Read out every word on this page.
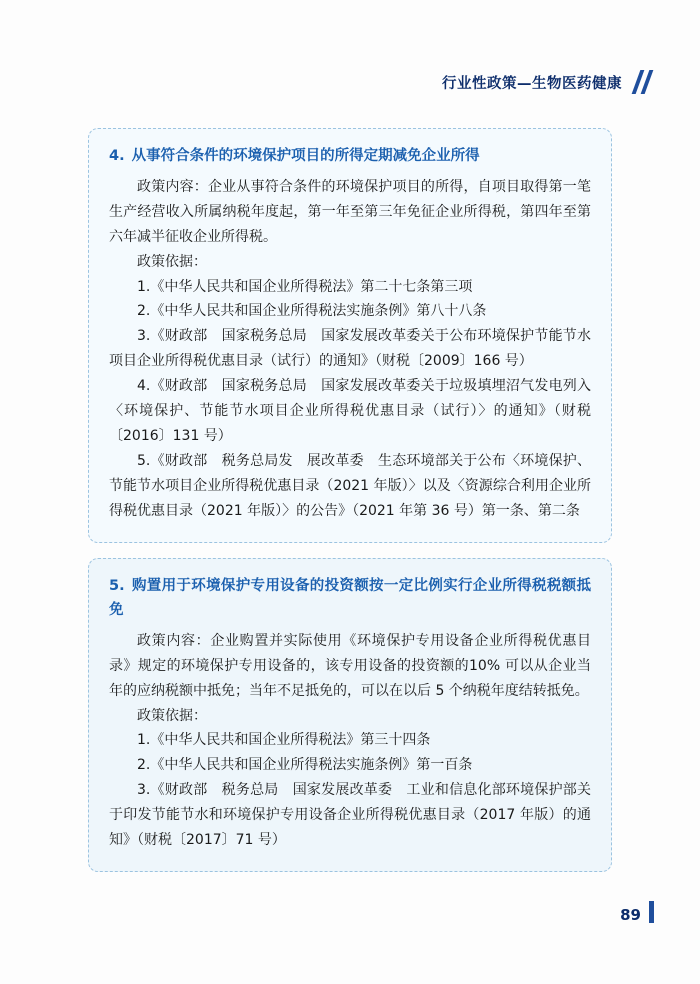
行业性政策—生物医药健康

4. 从事符合条件的环境保护项目的所得定期减免企业所得

政策内容：企业从事符合条件的环境保护项目的所得，自项目取得第一笔生产经营收入所属纳税年度起，第一年至第三年免征企业所得税，第四年至第六年减半征收企业所得税。

政策依据：

1.《中华人民共和国企业所得税法》第二十七条第三项

2.《中华人民共和国企业所得税法实施条例》第八十八条

3.《财政部　国家税务总局　国家发展改革委关于公布环境保护节能节水项目企业所得税优惠目录（试行）的通知》（财税〔2009〕166 号）

4.《财政部　国家税务总局　国家发展改革委关于垃圾填埋沼气发电列入〈环境保护、节能节水项目企业所得税优惠目录（试行）〉的通知》（财税〔2016〕131 号）

5.《财政部　税务总局发　展改革委　生态环境部关于公布〈环境保护、节能节水项目企业所得税优惠目录（2021 年版）〉以及〈资源综合利用企业所得税优惠目录（2021 年版）〉的公告》（2021 年第 36 号）第一条、第二条

5. 购置用于环境保护专用设备的投资额按一定比例实行企业所得税税额抵免

政策内容：企业购置并实际使用《环境保护专用设备企业所得税优惠目录》规定的环境保护专用设备的，该专用设备的投资额的10% 可以从企业当年的应纳税额中抵免；当年不足抵免的，可以在以后 5 个纳税年度结转抵免。

政策依据：

1.《中华人民共和国企业所得税法》第三十四条

2.《中华人民共和国企业所得税法实施条例》第一百条

3.《财政部　税务总局　国家发展改革委　工业和信息化部环境保护部关于印发节能节水和环境保护专用设备企业所得税优惠目录（2017 年版）的通知》（财税〔2017〕71 号）

89
